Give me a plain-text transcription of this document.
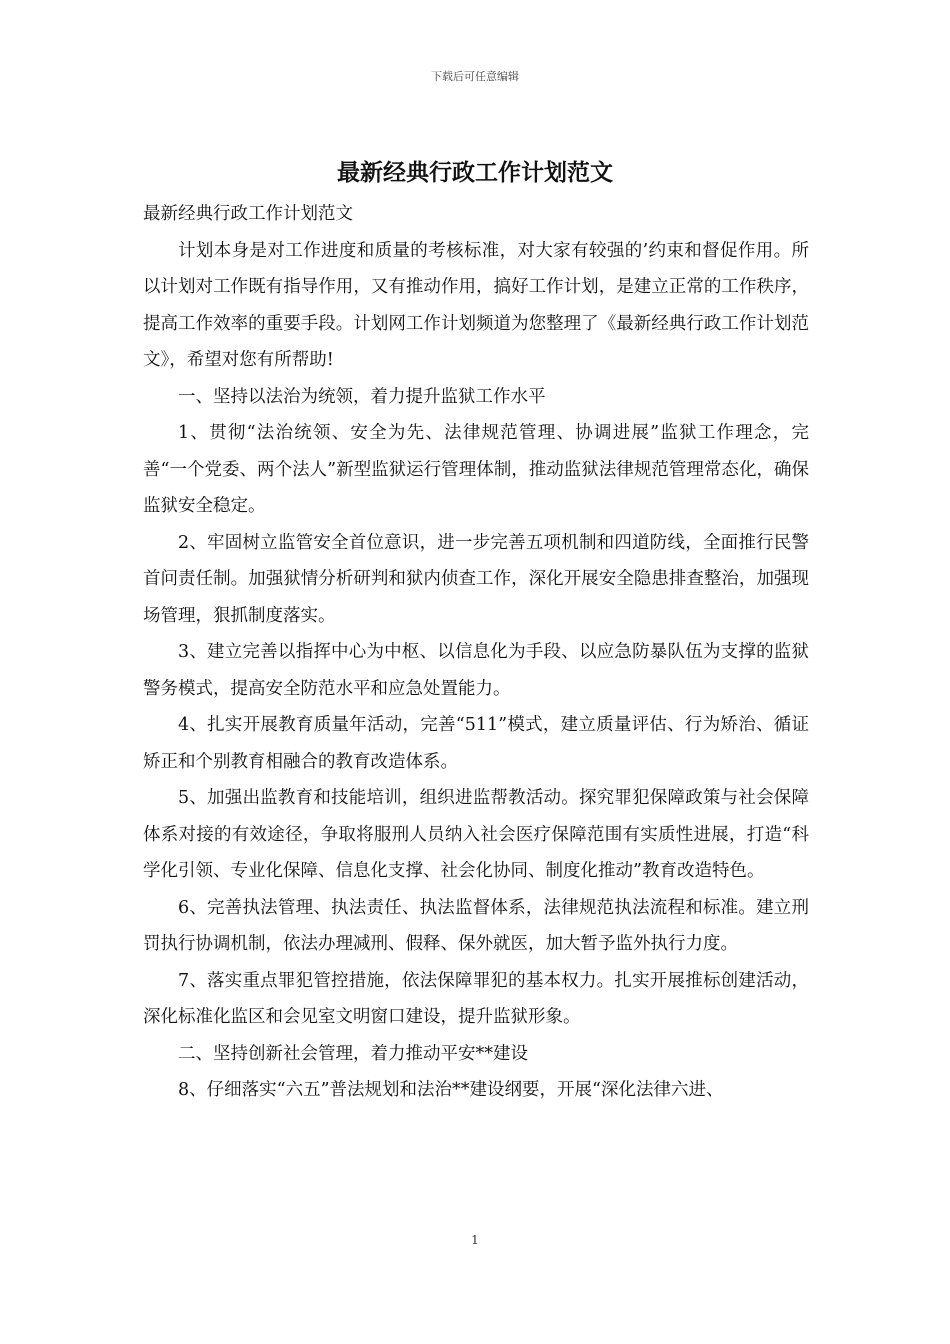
下载后可任意编辑
最新经典行政工作计划范文

最新经典行政工作计划范文

计划本身是对工作进度和质量的考核标准，对大家有较强的’约束和督促作用。所以计划对工作既有指导作用，又有推动作用，搞好工作计划，是建立正常的工作秩序，提高工作效率的重要手段。计划网工作计划频道为您整理了《最新经典行政工作计划范文》，希望对您有所帮助!

一、坚持以法治为统领，着力提升监狱工作水平

1、贯彻“法治统领、安全为先、法律规范管理、协调进展”监狱工作理念，完善“一个党委、两个法人”新型监狱运行管理体制，推动监狱法律规范管理常态化，确保监狱安全稳定。

2、牢固树立监管安全首位意识，进一步完善五项机制和四道防线，全面推行民警首问责任制。加强狱情分析研判和狱内侦查工作，深化开展安全隐患排查整治，加强现场管理，狠抓制度落实。

3、建立完善以指挥中心为中枢、以信息化为手段、以应急防暴队伍为支撑的监狱警务模式，提高安全防范水平和应急处置能力。

4、扎实开展教育质量年活动，完善“511”模式，建立质量评估、行为矫治、循证矫正和个别教育相融合的教育改造体系。

5、加强出监教育和技能培训，组织进监帮教活动。探究罪犯保障政策与社会保障体系对接的有效途径，争取将服刑人员纳入社会医疗保障范围有实质性进展，打造“科学化引领、专业化保障、信息化支撑、社会化协同、制度化推动”教育改造特色。

6、完善执法管理、执法责任、执法监督体系，法律规范执法流程和标准。建立刑罚执行协调机制，依法办理减刑、假释、保外就医，加大暂予监外执行力度。

7、落实重点罪犯管控措施，依法保障罪犯的基本权力。扎实开展推标创建活动，深化标准化监区和会见室文明窗口建设，提升监狱形象。

二、坚持创新社会管理，着力推动平安**建设

8、仔细落实“六五”普法规划和法治**建设纲要，开展“深化法律六进、

1
